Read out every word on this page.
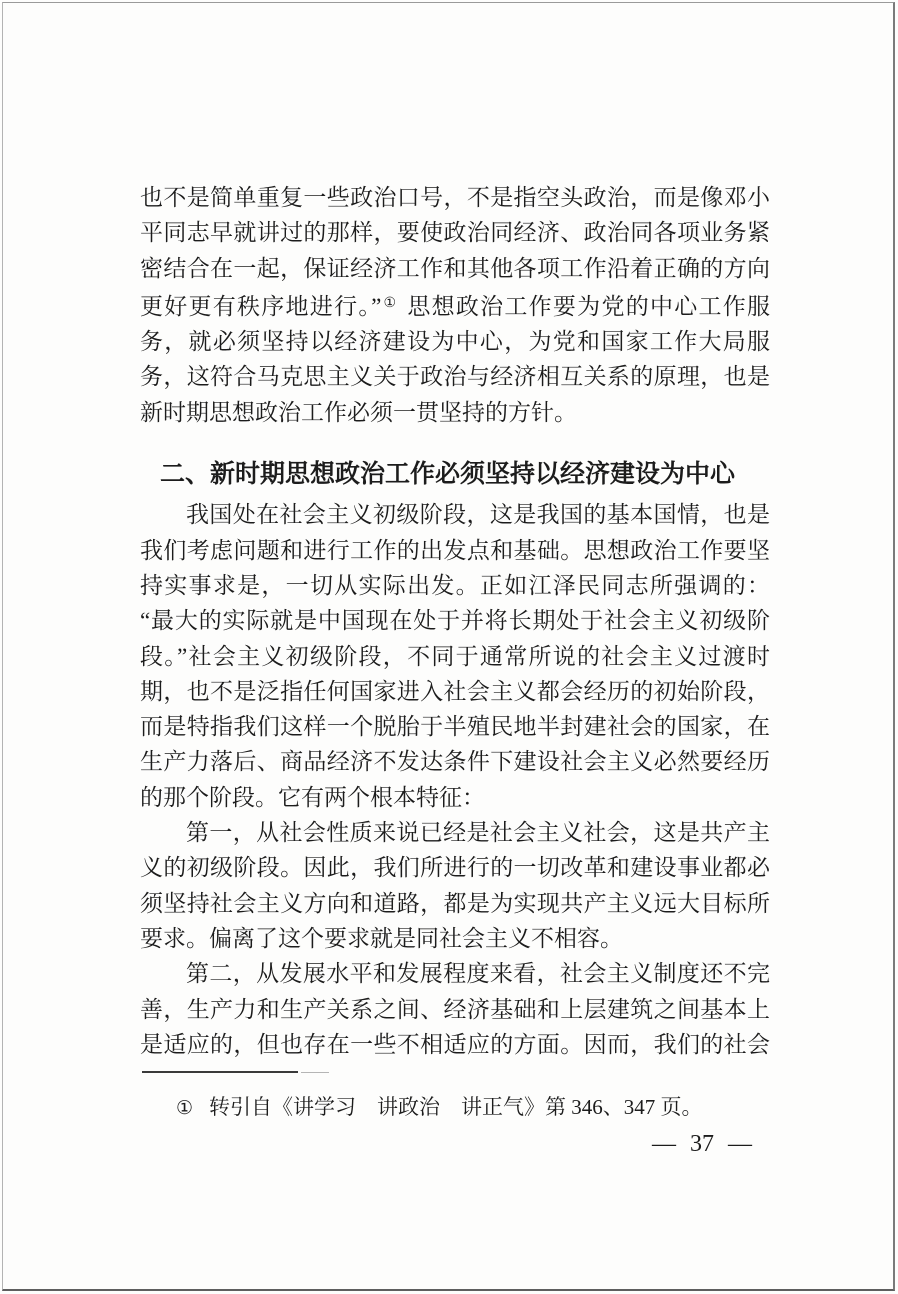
也不是简单重复一些政治口号，不是指空头政治，而是像邓小
平同志早就讲过的那样，要使政治同经济、政治同各项业务紧
密结合在一起，保证经济工作和其他各项工作沿着正确的方向
更好更有秩序地进行。”① 思想政治工作要为党的中心工作服
务，就必须坚持以经济建设为中心，为党和国家工作大局服
务，这符合马克思主义关于政治与经济相互关系的原理，也是
新时期思想政治工作必须一贯坚持的方针。
二、新时期思想政治工作必须坚持以经济建设为中心
我国处在社会主义初级阶段，这是我国的基本国情，也是
我们考虑问题和进行工作的出发点和基础。思想政治工作要坚
持实事求是，一切从实际出发。正如江泽民同志所强调的：
“最大的实际就是中国现在处于并将长期处于社会主义初级阶
段。”社会主义初级阶段，不同于通常所说的社会主义过渡时
期，也不是泛指任何国家进入社会主义都会经历的初始阶段，
而是特指我们这样一个脱胎于半殖民地半封建社会的国家，在
生产力落后、商品经济不发达条件下建设社会主义必然要经历
的那个阶段。它有两个根本特征：
第一，从社会性质来说已经是社会主义社会，这是共产主
义的初级阶段。因此，我们所进行的一切改革和建设事业都必
须坚持社会主义方向和道路，都是为实现共产主义远大目标所
要求。偏离了这个要求就是同社会主义不相容。
第二，从发展水平和发展程度来看，社会主义制度还不完
善，生产力和生产关系之间、经济基础和上层建筑之间基本上
是适应的，但也存在一些不相适应的方面。因而，我们的社会
① 转引自《讲学习　讲政治　讲正气》第 346、347 页。
— 37 —
